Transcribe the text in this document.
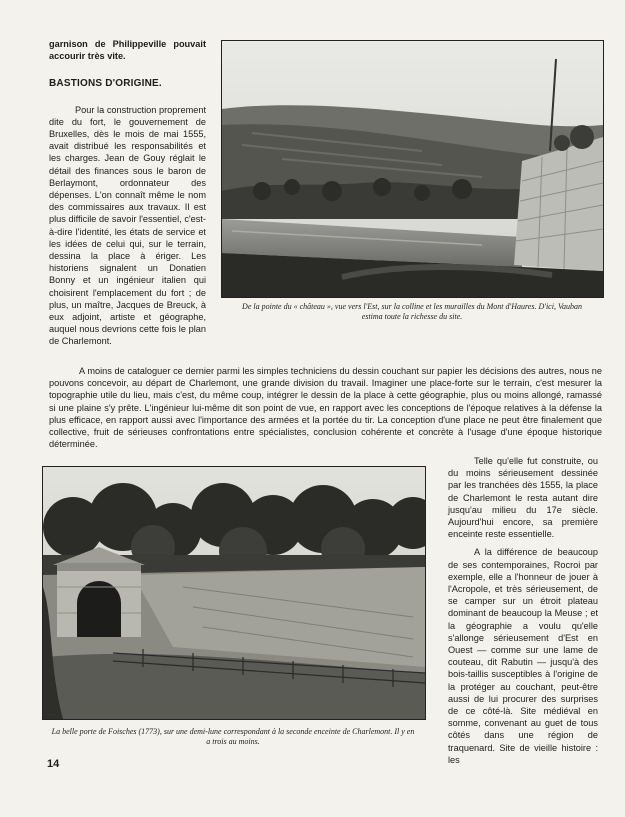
garnison de Philippeville pouvait accourir très vite.

BASTIONS D'ORIGINE.

Pour la construction proprement dite du fort, le gouvernement de Bruxelles, dès le mois de mai 1555, avait distribué les responsabilités et les charges. Jean de Gouy réglait le détail des finances sous le baron de Berlaymont, ordonnateur des dépenses. L'on connaît même le nom des commissaires aux travaux. Il est plus difficile de savoir l'essentiel, c'est-à-dire l'identité, les états de service et les idées de celui qui, sur le terrain, dessina la place à ériger. Les historiens signalent un Donatien Bonny et un ingénieur italien qui choisirent l'emplacement du fort ; de plus, un maître, Jacques de Breuck, à eux adjoint, artiste et géographe, auquel nous devrions cette fois le plan de Charlemont.

De la pointe du « château », vue vers l'Est, sur la colline et les murailles du Mont d'Haures. D'ici, Vauban estima toute la richesse du site.

A moins de cataloguer ce dernier parmi les simples techniciens du dessin couchant sur papier les décisions des autres, nous ne pouvons concevoir, au départ de Charlemont, une grande division du travail. Imaginer une place-forte sur le terrain, c'est mesurer la topographie utile du lieu, mais c'est, du même coup, intégrer le dessin de la place à cette géographie, plus ou moins allongé, ramassé si une plaine s'y prête. L'ingénieur lui-même dit son point de vue, en rapport avec les conceptions de l'époque relatives à la défense la plus efficace, en rapport aussi avec l'importance des armées et la portée du tir. La conception d'une place ne peut être finalement que collective, fruit de sérieuses confrontations entre spécialistes, conclusion cohérente et concrète à l'usage d'une époque historique déterminée.

La belle porte de Foisches (1773), sur une demi-lune correspondant à la seconde enceinte de Charlemont. Il y en a trois au moins.

Telle qu'elle fut construite, ou du moins sérieusement dessinée par les tranchées dès 1555, la place de Charlemont le resta autant dire jusqu'au milieu du 17e siècle. Aujourd'hui encore, sa première enceinte reste essentielle.

A la différence de beaucoup de ses contemporaines, Rocroi par exemple, elle a l'honneur de jouer à l'Acropole, et très sérieusement, de se camper sur un étroit plateau dominant de beaucoup la Meuse ; et la géographie a voulu qu'elle s'allonge sérieusement d'Est en Ouest — comme sur une lame de couteau, dit Rabutin — jusqu'à des bois-taillis susceptibles à l'origine de la protéger au couchant, peut-être aussi de lui procurer des surprises de ce côté-là. Site médiéval en somme, convenant au guet de tous côtés dans une région de traquenard. Site de vieille histoire : les

14
